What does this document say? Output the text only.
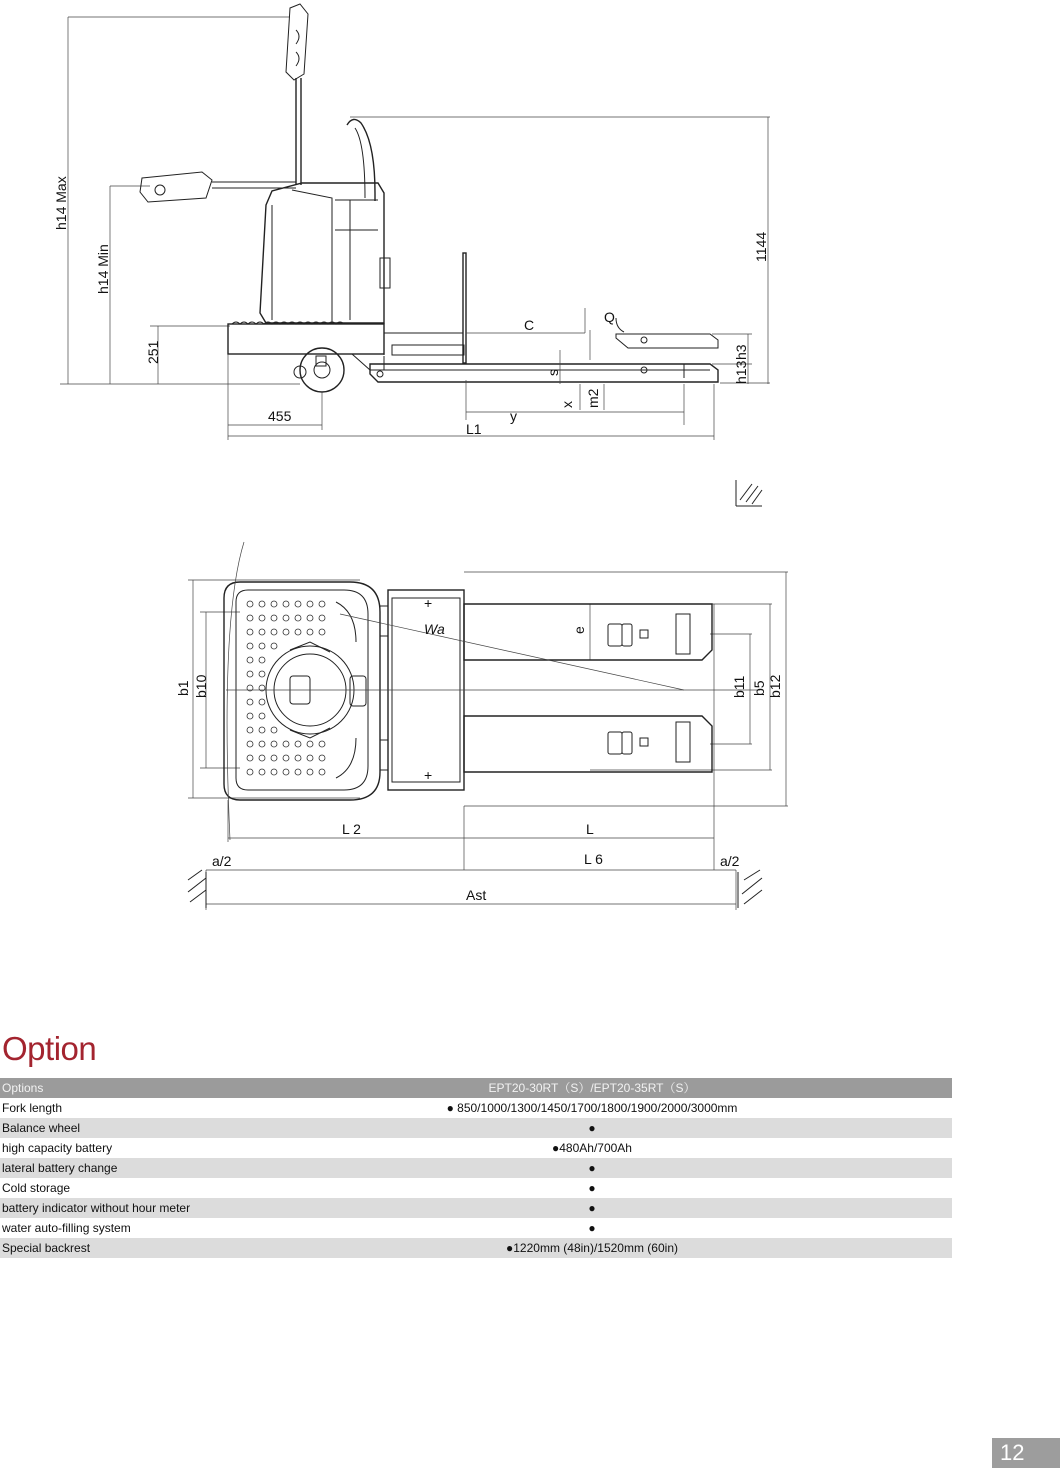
h14 Max
h14 Min
251
455
L1
C	Q
s
x m2
y
h3
h13
1144
+
+
b1 b10
Wa	e
b11 b5 b12
L 2	L
L 6
a/2	a/2
Ast
Option
Options	EPT20-30RT（S）/EPT20-35RT（S）
Fork length	● 850/1000/1300/1450/1700/1800/1900/2000/3000mm
Balance wheel	●
high capacity battery	●480Ah/700Ah
lateral battery change	●
Cold storage	●
battery indicator without hour meter	●
water auto-filling system	●
Special backrest	●1220mm (48in)/1520mm (60in)
12
